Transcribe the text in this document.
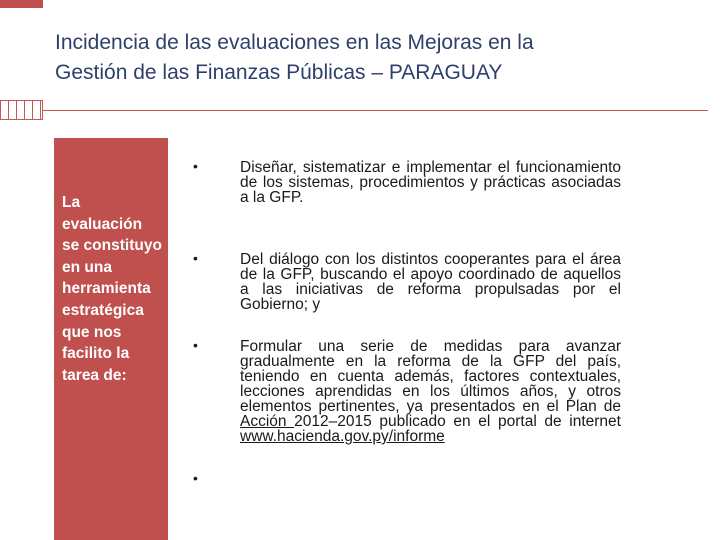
Incidencia de las evaluaciones en las Mejoras en la
Gestión de las Finanzas Públicas – PARAGUAY
La evaluación se constituyo en una herramienta estratégica que nos facilito la tarea de:
•	Diseñar, sistematizar e implementar el funcionamiento de los sistemas, procedimientos y prácticas asociadas a la GFP.
•	Del diálogo con los distintos cooperantes para el área de la GFP, buscando el apoyo coordinado de aquellos a las iniciativas de reforma propulsadas por el Gobierno; y
•	Formular una serie de medidas para avanzar gradualmente en la reforma de la GFP del país, teniendo en cuenta además, factores contextuales, lecciones aprendidas en los últimos años, y otros elementos pertinentes, ya presentados en el Plan de Acción 2012–2015 publicado en el portal de internet www.hacienda.gov.py/informe
•
